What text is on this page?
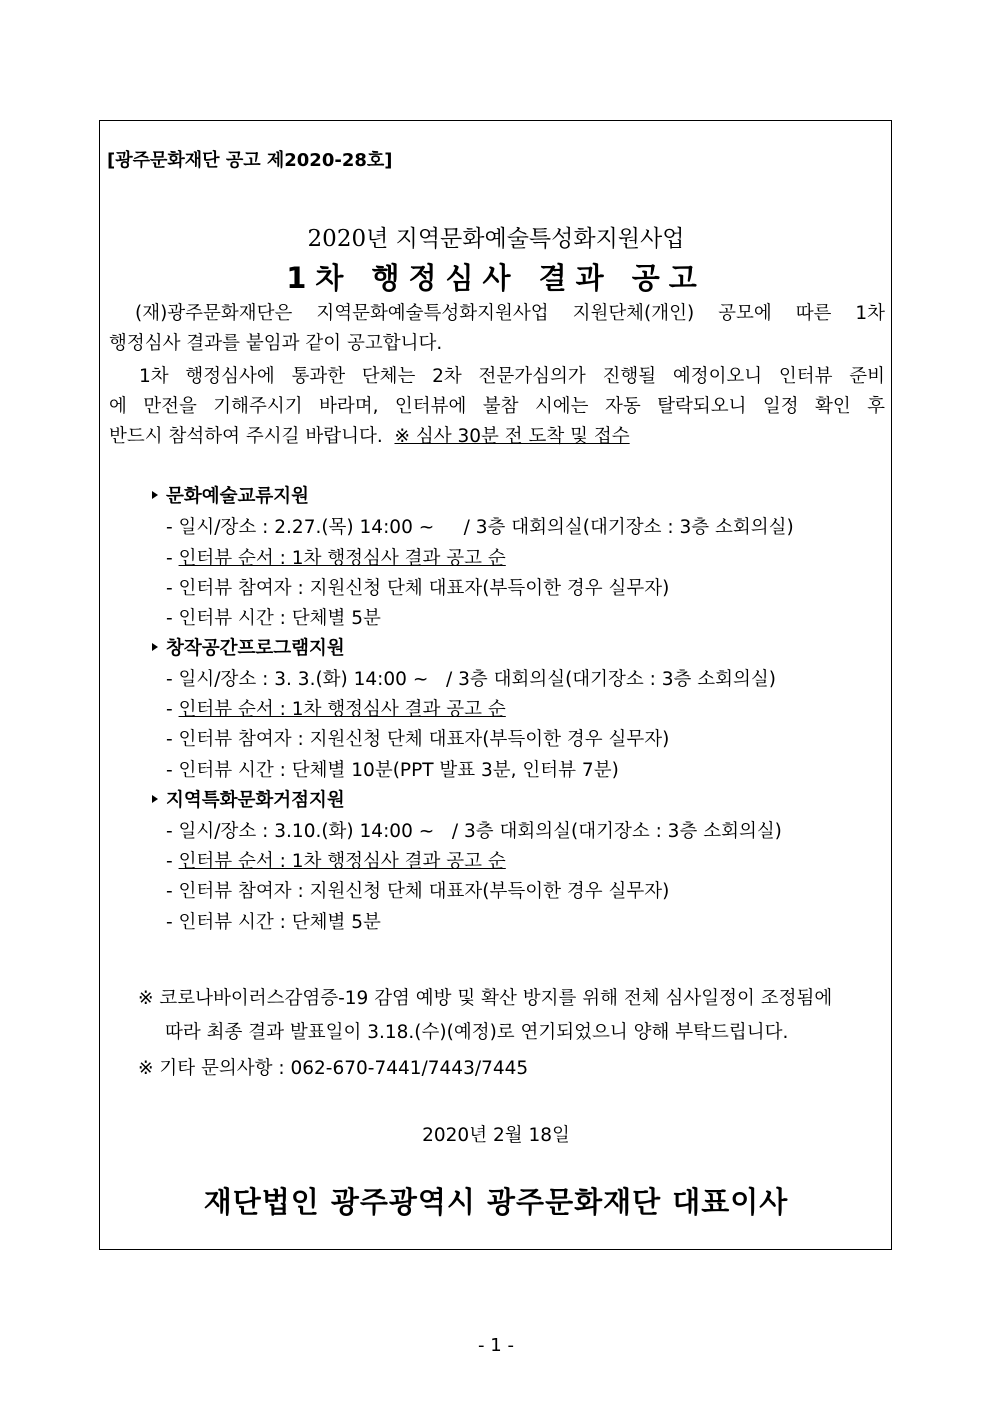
[광주문화재단 공고 제2020-28호]
2020년 지역문화예술특성화지원사업
1차 행정심사 결과 공고
(재)광주문화재단은 지역문화예술특성화지원사업 지원단체(개인) 공모에 따른 1차
행정심사 결과를 붙임과 같이 공고합니다.
1차 행정심사에 통과한 단체는 2차 전문가심의가 진행될 예정이오니 인터뷰 준비
에 만전을 기해주시기 바라며, 인터뷰에 불참 시에는 자동 탈락되오니 일정 확인 후
반드시 참석하여 주시길 바랍니다. ※ 심사 30분 전 도착 및 접수
문화예술교류지원
- 일시/장소 : 2.27.(목) 14:00 ~     / 3층 대회의실(대기장소 : 3층 소회의실)
- 인터뷰 순서 : 1차 행정심사 결과 공고 순
- 인터뷰 참여자 : 지원신청 단체 대표자(부득이한 경우 실무자)
- 인터뷰 시간 : 단체별 5분
창작공간프로그램지원
- 일시/장소 : 3. 3.(화) 14:00 ~   / 3층 대회의실(대기장소 : 3층 소회의실)
- 인터뷰 순서 : 1차 행정심사 결과 공고 순
- 인터뷰 참여자 : 지원신청 단체 대표자(부득이한 경우 실무자)
- 인터뷰 시간 : 단체별 10분(PPT 발표 3분, 인터뷰 7분)
지역특화문화거점지원
- 일시/장소 : 3.10.(화) 14:00 ~   / 3층 대회의실(대기장소 : 3층 소회의실)
- 인터뷰 순서 : 1차 행정심사 결과 공고 순
- 인터뷰 참여자 : 지원신청 단체 대표자(부득이한 경우 실무자)
- 인터뷰 시간 : 단체별 5분
※ 코로나바이러스감염증-19 감염 예방 및 확산 방지를 위해 전체 심사일정이 조정됨에
따라 최종 결과 발표일이 3.18.(수)(예정)로 연기되었으니 양해 부탁드립니다.
※ 기타 문의사항 : 062-670-7441/7443/7445
2020년 2월 18일
재단법인 광주광역시 광주문화재단 대표이사
- 1 -
